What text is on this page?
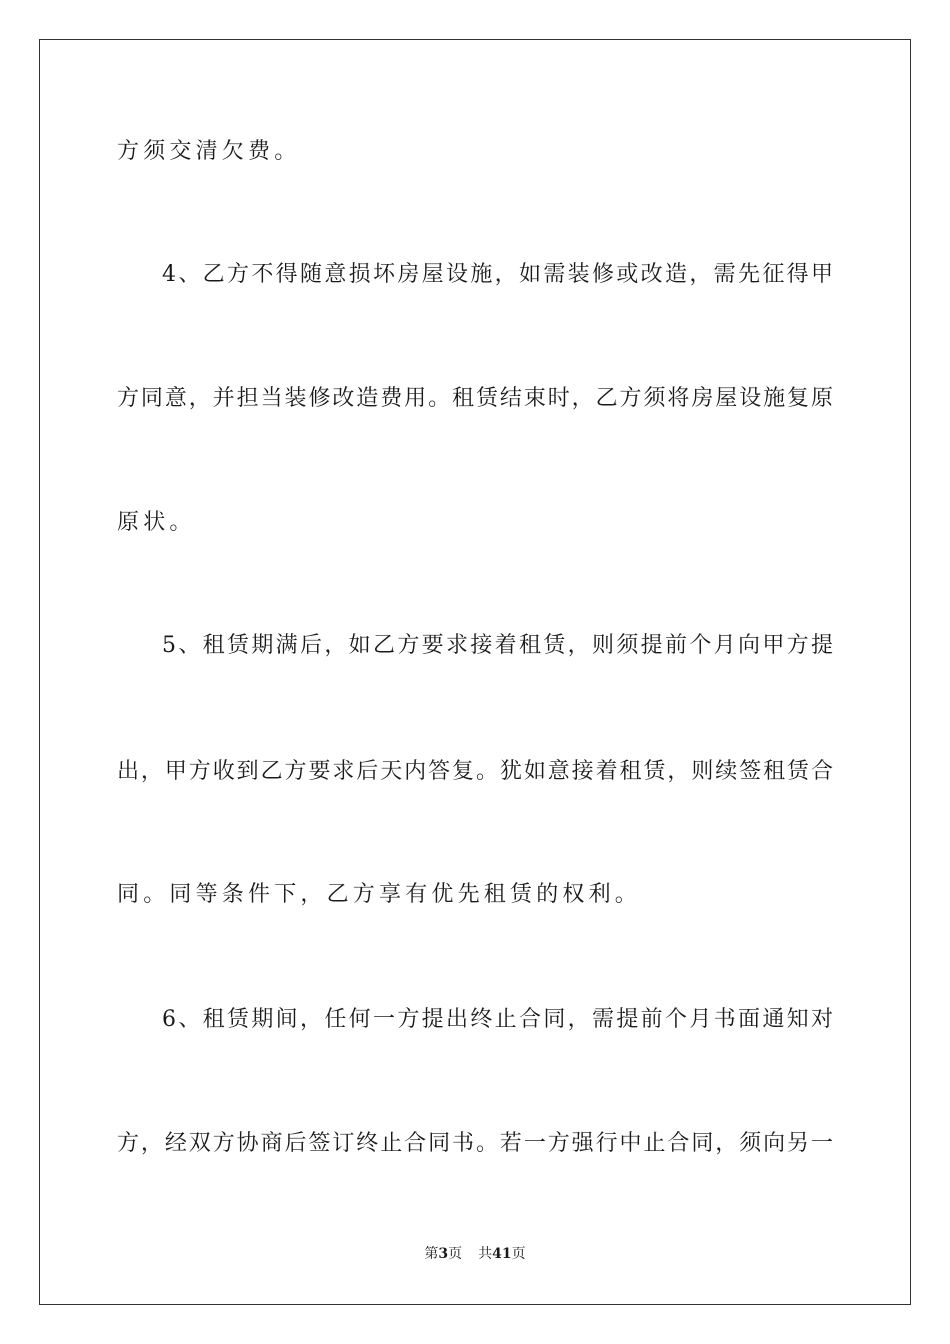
方须交清欠费。
4、乙方不得随意损坏房屋设施，如需装修或改造，需先征得甲
方同意，并担当装修改造费用。租赁结束时，乙方须将房屋设施复原
原状。
5、租赁期满后，如乙方要求接着租赁，则须提前个月向甲方提
出，甲方收到乙方要求后天内答复。犹如意接着租赁，则续签租赁合
同。同等条件下，乙方享有优先租赁的权利。
6、租赁期间，任何一方提出终止合同，需提前个月书面通知对
方，经双方协商后签订终止合同书。若一方强行中止合同，须向另一
第3页 共41页
